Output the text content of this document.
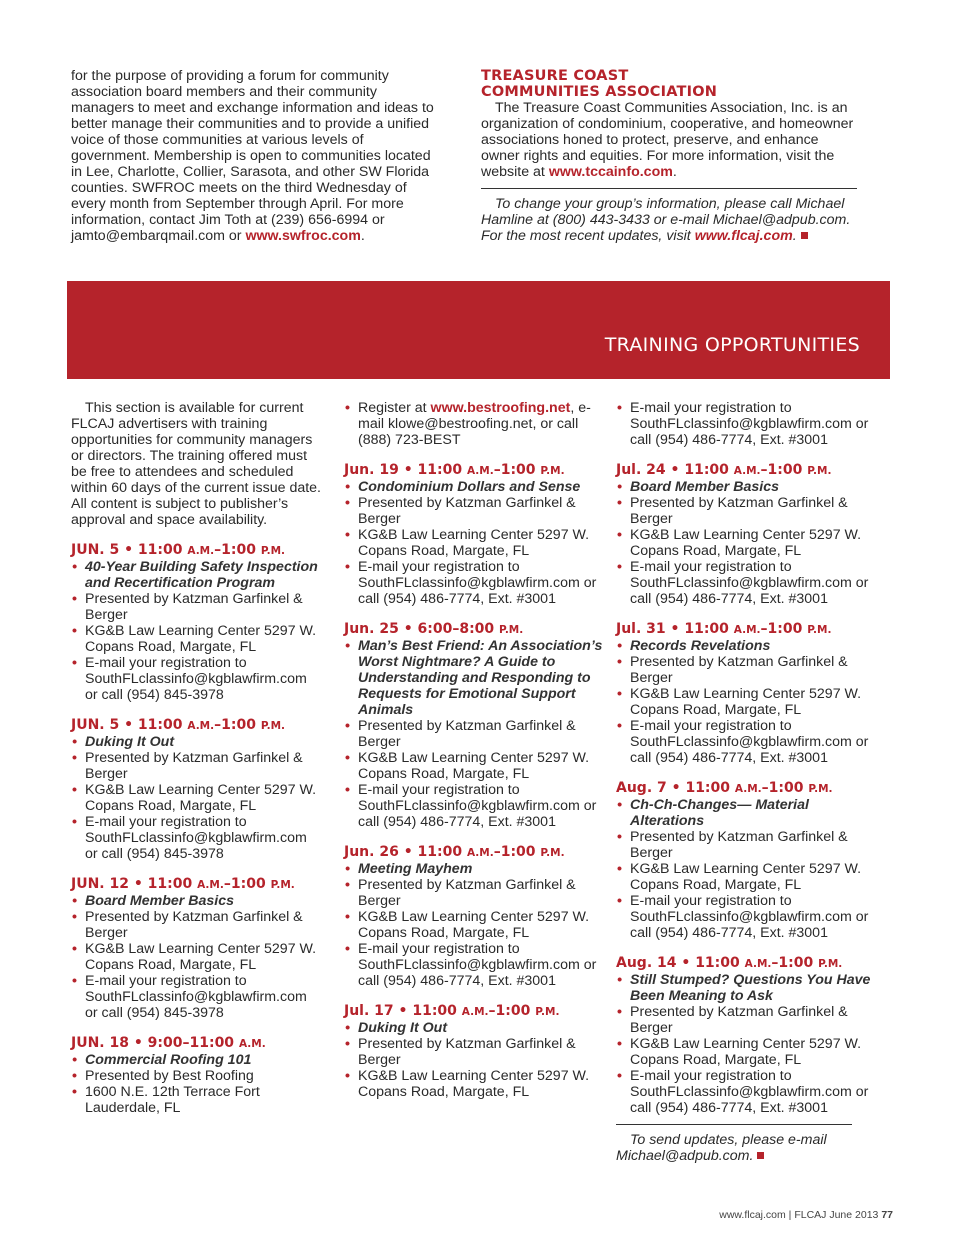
for the purpose of providing a forum for community association board members and their community managers to meet and exchange information and ideas to better manage their communities and to provide a unified voice of those communities at various levels of government. Membership is open to communities located in Lee, Charlotte, Collier, Sarasota, and other SW Florida counties. SWFROC meets on the third Wednesday of every month from September through April. For more information, contact Jim Toth at (239) 656-6994 or jamto@embarqmail.com or www.swfroc.com.

TREASURE COAST
COMMUNITIES ASSOCIATION

The Treasure Coast Communities Association, Inc. is an organization of condominium, cooperative, and homeowner associations honed to protect, preserve, and enhance owner rights and equities. For more information, visit the website at www.tccainfo.com.

To change your group’s information, please call Michael Hamline at (800) 443-3433 or e-mail Michael@adpub.com. For the most recent updates, visit www.flcaj.com.

TRAINING OPPORTUNITIES

This section is available for current FLCAJ advertisers with training opportunities for community managers or directors. The training offered must be free to attendees and scheduled within 60 days of the current issue date. All content is subject to publisher’s approval and space availability.

JUN. 5 • 11:00 A.M.–1:00 P.M.
• 40-Year Building Safety Inspection and Recertification Program
• Presented by Katzman Garfinkel & Berger
• KG&B Law Learning Center 5297 W. Copans Road, Margate, FL
• E-mail your registration to SouthFLclassinfo@kgblawfirm.com or call (954) 845-3978
JUN. 5 • 11:00 A.M.–1:00 P.M.
• Duking It Out
• Presented by Katzman Garfinkel & Berger
• KG&B Law Learning Center 5297 W. Copans Road, Margate, FL
• E-mail your registration to SouthFLclassinfo@kgblawfirm.com or call (954) 845-3978
JUN. 12 • 11:00 A.M.–1:00 P.M.
• Board Member Basics
• Presented by Katzman Garfinkel & Berger
• KG&B Law Learning Center 5297 W. Copans Road, Margate, FL
• E-mail your registration to SouthFLclassinfo@kgblawfirm.com or call (954) 845-3978
JUN. 18 • 9:00–11:00 A.M.
• Commercial Roofing 101
• Presented by Best Roofing
• 1600 N.E. 12th Terrace Fort Lauderdale, FL
• Register at www.bestroofing.net, e-mail klowe@bestroofing.net, or call (888) 723-BEST
Jun. 19 • 11:00 A.M.–1:00 P.M.
• Condominium Dollars and Sense
• Presented by Katzman Garfinkel & Berger
• KG&B Law Learning Center 5297 W. Copans Road, Margate, FL
• E-mail your registration to SouthFLclassinfo@kgblawfirm.com or call (954) 486-7774, Ext. #3001
Jun. 25 • 6:00–8:00 P.M.
• Man’s Best Friend: An Association’s Worst Nightmare? A Guide to Understanding and Responding to Requests for Emotional Support Animals
• Presented by Katzman Garfinkel & Berger
• KG&B Law Learning Center 5297 W. Copans Road, Margate, FL
• E-mail your registration to SouthFLclassinfo@kgblawfirm.com or call (954) 486-7774, Ext. #3001
Jun. 26 • 11:00 A.M.–1:00 P.M.
• Meeting Mayhem
• Presented by Katzman Garfinkel & Berger
• KG&B Law Learning Center 5297 W. Copans Road, Margate, FL
• E-mail your registration to SouthFLclassinfo@kgblawfirm.com or call (954) 486-7774, Ext. #3001
Jul. 17 • 11:00 A.M.–1:00 P.M.
• Duking It Out
• Presented by Katzman Garfinkel & Berger
• KG&B Law Learning Center 5297 W. Copans Road, Margate, FL
• E-mail your registration to SouthFLclassinfo@kgblawfirm.com or call (954) 486-7774, Ext. #3001
Jul. 24 • 11:00 A.M.–1:00 P.M.
• Board Member Basics
• Presented by Katzman Garfinkel & Berger
• KG&B Law Learning Center 5297 W. Copans Road, Margate, FL
• E-mail your registration to SouthFLclassinfo@kgblawfirm.com or call (954) 486-7774, Ext. #3001
Jul. 31 • 11:00 A.M.–1:00 P.M.
• Records Revelations
• Presented by Katzman Garfinkel & Berger
• KG&B Law Learning Center 5297 W. Copans Road, Margate, FL
• E-mail your registration to SouthFLclassinfo@kgblawfirm.com or call (954) 486-7774, Ext. #3001
Aug. 7 • 11:00 A.M.–1:00 P.M.
• Ch-Ch-Changes— Material Alterations
• Presented by Katzman Garfinkel & Berger
• KG&B Law Learning Center 5297 W. Copans Road, Margate, FL
• E-mail your registration to SouthFLclassinfo@kgblawfirm.com or call (954) 486-7774, Ext. #3001
Aug. 14 • 11:00 A.M.–1:00 P.M.
• Still Stumped? Questions You Have Been Meaning to Ask
• Presented by Katzman Garfinkel & Berger
• KG&B Law Learning Center 5297 W. Copans Road, Margate, FL
• E-mail your registration to SouthFLclassinfo@kgblawfirm.com or call (954) 486-7774, Ext. #3001

To send updates, please e-mail Michael@adpub.com.

www.flcaj.com | FLCAJ June 2013 77
